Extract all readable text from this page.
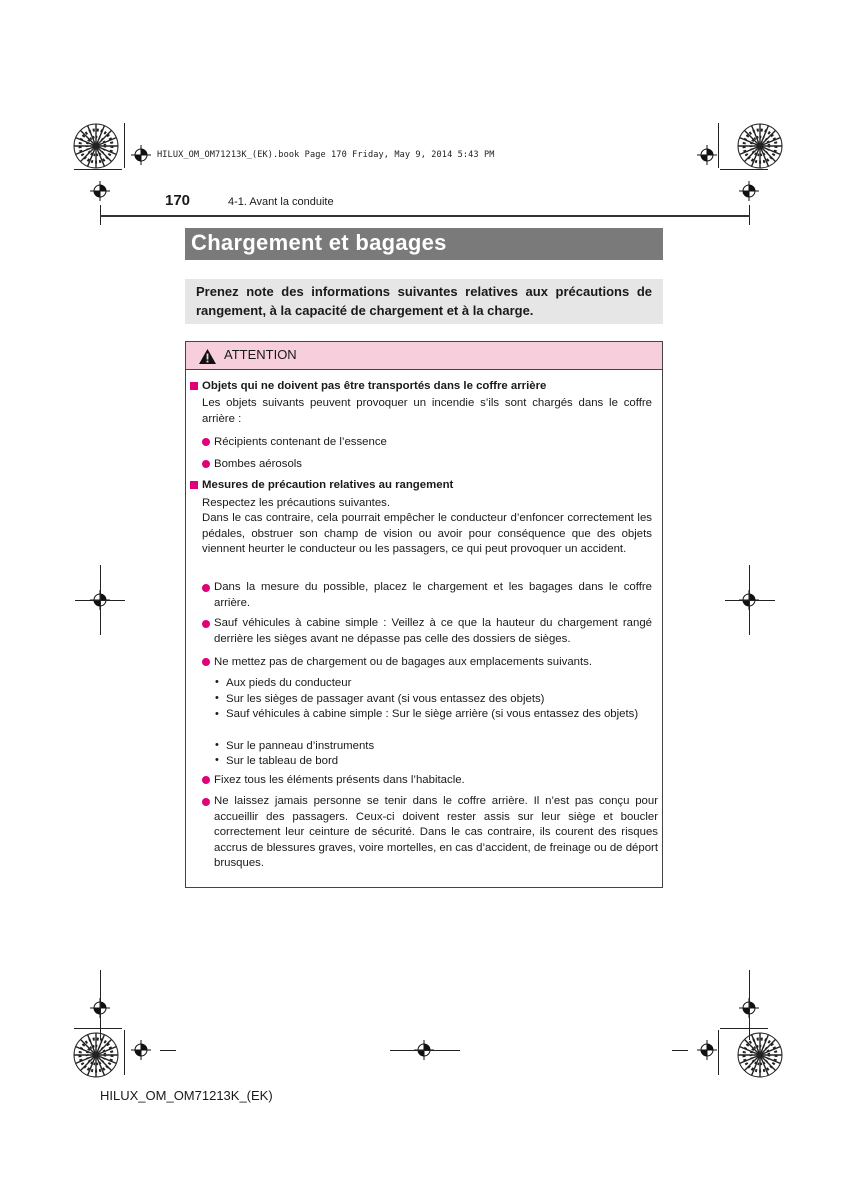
HILUX_OM_OM71213K_(EK).book Page 170 Friday, May 9, 2014 5:43 PM
170	4-1. Avant la conduite
Chargement et bagages

Prenez note des informations suivantes relatives aux précautions de rangement, à la capacité de chargement et à la charge.

ATTENTION
Objets qui ne doivent pas être transportés dans le coffre arrière
Les objets suivants peuvent provoquer un incendie s’ils sont chargés dans le coffre arrière :
Récipients contenant de l’essence
Bombes aérosols
Mesures de précaution relatives au rangement
Respectez les précautions suivantes.
Dans le cas contraire, cela pourrait empêcher le conducteur d’enfoncer correctement les pédales, obstruer son champ de vision ou avoir pour conséquence que des objets viennent heurter le conducteur ou les passagers, ce qui peut provoquer un accident.
Dans la mesure du possible, placez le chargement et les bagages dans le coffre arrière.
Sauf véhicules à cabine simple : Veillez à ce que la hauteur du chargement rangé derrière les sièges avant ne dépasse pas celle des dossiers de sièges.
Ne mettez pas de chargement ou de bagages aux emplacements suivants.
• Aux pieds du conducteur
• Sur les sièges de passager avant (si vous entassez des objets)
• Sauf véhicules à cabine simple : Sur le siège arrière (si vous entassez des objets)
• Sur le panneau d’instruments
• Sur le tableau de bord
Fixez tous les éléments présents dans l’habitacle.
Ne laissez jamais personne se tenir dans le coffre arrière. Il n’est pas conçu pour accueillir des passagers. Ceux-ci doivent rester assis sur leur siège et boucler correctement leur ceinture de sécurité. Dans le cas contraire, ils courent des risques accrus de blessures graves, voire mortelles, en cas d’accident, de freinage ou de déport brusques.
HILUX_OM_OM71213K_(EK)
